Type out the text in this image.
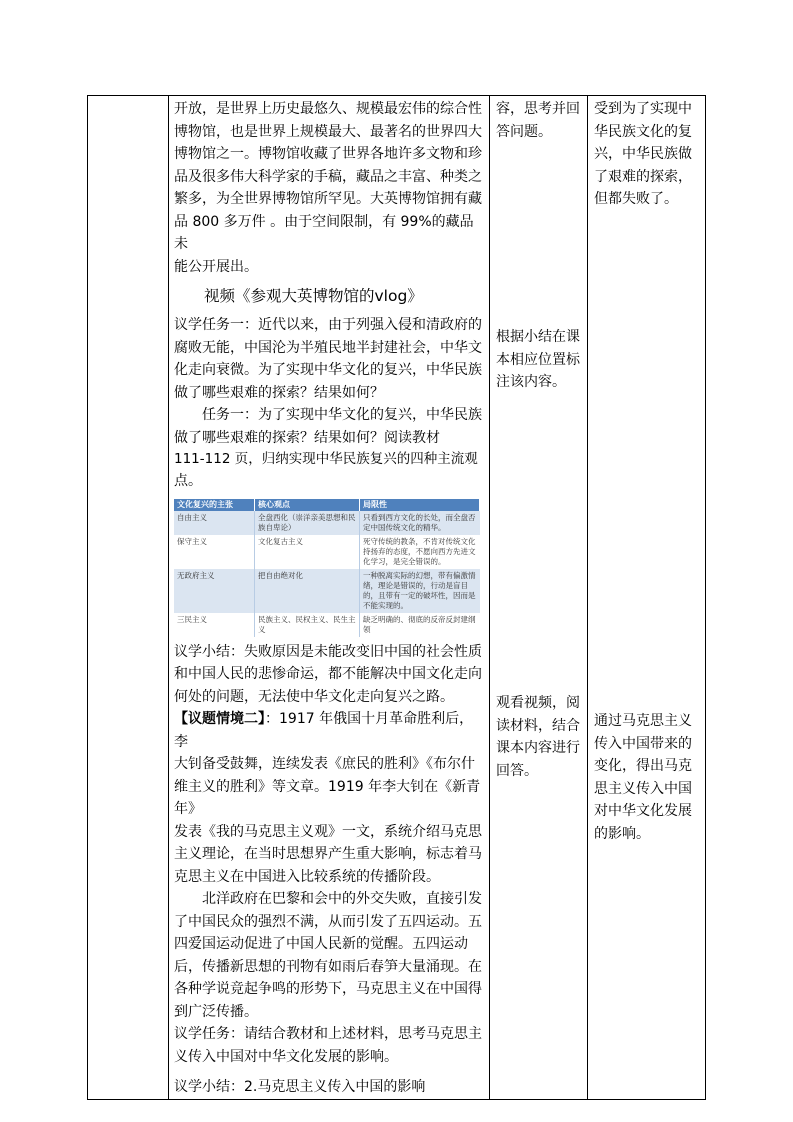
开放，是世界上历史最悠久、规模最宏伟的综合性

博物馆，也是世界上规模最大、最著名的世界四大

博物馆之一。博物馆收藏了世界各地许多文物和珍

品及很多伟大科学家的手稿，藏品之丰富、种类之

繁多，为全世界博物馆所罕见。大英博物馆拥有藏

品 800 多万件 。由于空间限制，有 99%的藏品未

能公开展出。

视频《参观大英博物馆的vlog》

议学任务一：近代以来，由于列强入侵和清政府的

腐败无能，中国沦为半殖民地半封建社会，中华文

化走向衰微。为了实现中华文化的复兴，中华民族

做了哪些艰难的探索？结果如何？

任务一：为了实现中华文化的复兴，中华民族

做了哪些艰难的探索？结果如何？阅读教材

111-112 页，归纳实现中华民族复兴的四种主流观

点。

文化复兴的主张	核心观点	局限性
自由主义	全盘西化（崇洋亲美思想和民族自卑论）	只看到西方文化的长处，而全盘否定中国传统文化的精华。
保守主义	文化复古主义	死守传统的教条，不肯对传统文化持扬弃的态度，不愿向西方先进文化学习，是完全错误的。
无政府主义	把自由绝对化	一种脱离实际的幻想，带有偏激情绪，理论是错误的，行动是盲目的，且带有一定的破坏性，因而是不能实现的。
三民主义	民族主义、民权主义、民生主义	缺乏明确的、彻底的反帝反封建纲领

议学小结：失败原因是未能改变旧中国的社会性质

和中国人民的悲惨命运，都不能解决中国文化走向

何处的问题，无法使中华文化走向复兴之路。

【议题情境二】：1917 年俄国十月革命胜利后，李

大钊备受鼓舞，连续发表《庶民的胜利》《布尔什

维主义的胜利》等文章。1919 年李大钊在《新青年》

发表《我的马克思主义观》一文，系统介绍马克思

主义理论，在当时思想界产生重大影响，标志着马

克思主义在中国进入比较系统的传播阶段。

北洋政府在巴黎和会中的外交失败，直接引发

了中国民众的强烈不满，从而引发了五四运动。五

四爱国运动促进了中国人民新的觉醒。五四运动

后，传播新思想的刊物有如雨后春笋大量涌现。在

各种学说竞起争鸣的形势下，马克思主义在中国得

到广泛传播。

议学任务：请结合教材和上述材料，思考马克思主

义传入中国对中华文化发展的影响。

议学小结：2.马克思主义传入中国的影响

容，思考并回

答问题。

根据小结在课

本相应位置标

注该内容。

观看视频，阅

读材料，结合

课本内容进行

回答。

受到为了实现中

华民族文化的复

兴，中华民族做

了艰难的探索，

但都失败了。

通过马克思主义

传入中国带来的

变化，得出马克

思主义传入中国

对中华文化发展

的影响。
